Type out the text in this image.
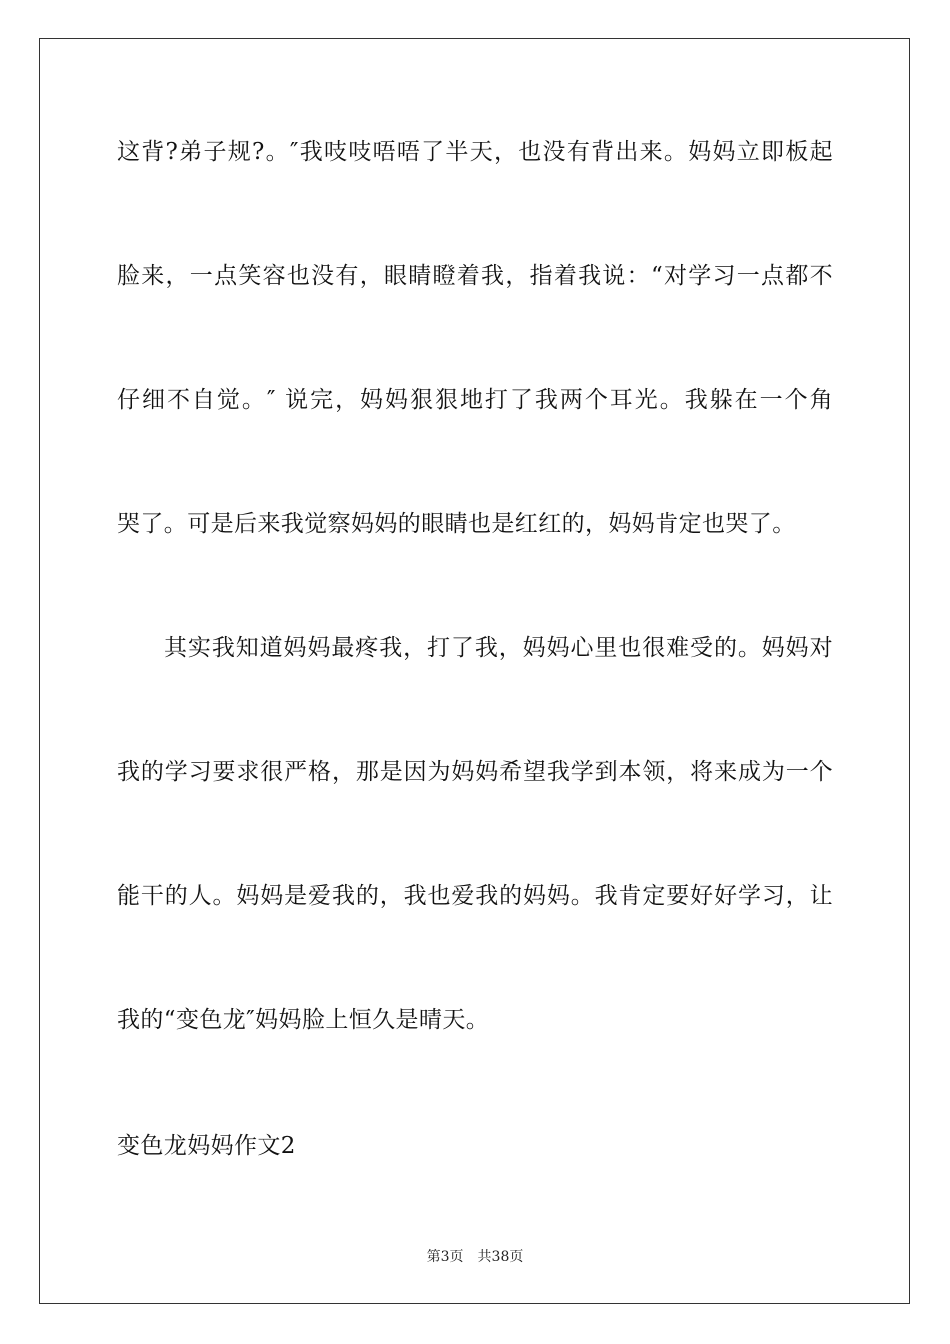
这背?弟子规?。″我吱吱唔唔了半天，也没有背出来。妈妈立即板起
脸来，一点笑容也没有，眼睛瞪着我，指着我说：“对学习一点都不
仔细不自觉。″ 说完，妈妈狠狠地打了我两个耳光。我躲在一个角
哭了。可是后来我觉察妈妈的眼睛也是红红的，妈妈肯定也哭了。
其实我知道妈妈最疼我，打了我，妈妈心里也很难受的。妈妈对
我的学习要求很严格，那是因为妈妈希望我学到本领，将来成为一个
能干的人。妈妈是爱我的，我也爱我的妈妈。我肯定要好好学习，让
我的“变色龙″妈妈脸上恒久是晴天。
变色龙妈妈作文2
第3页 共38页
